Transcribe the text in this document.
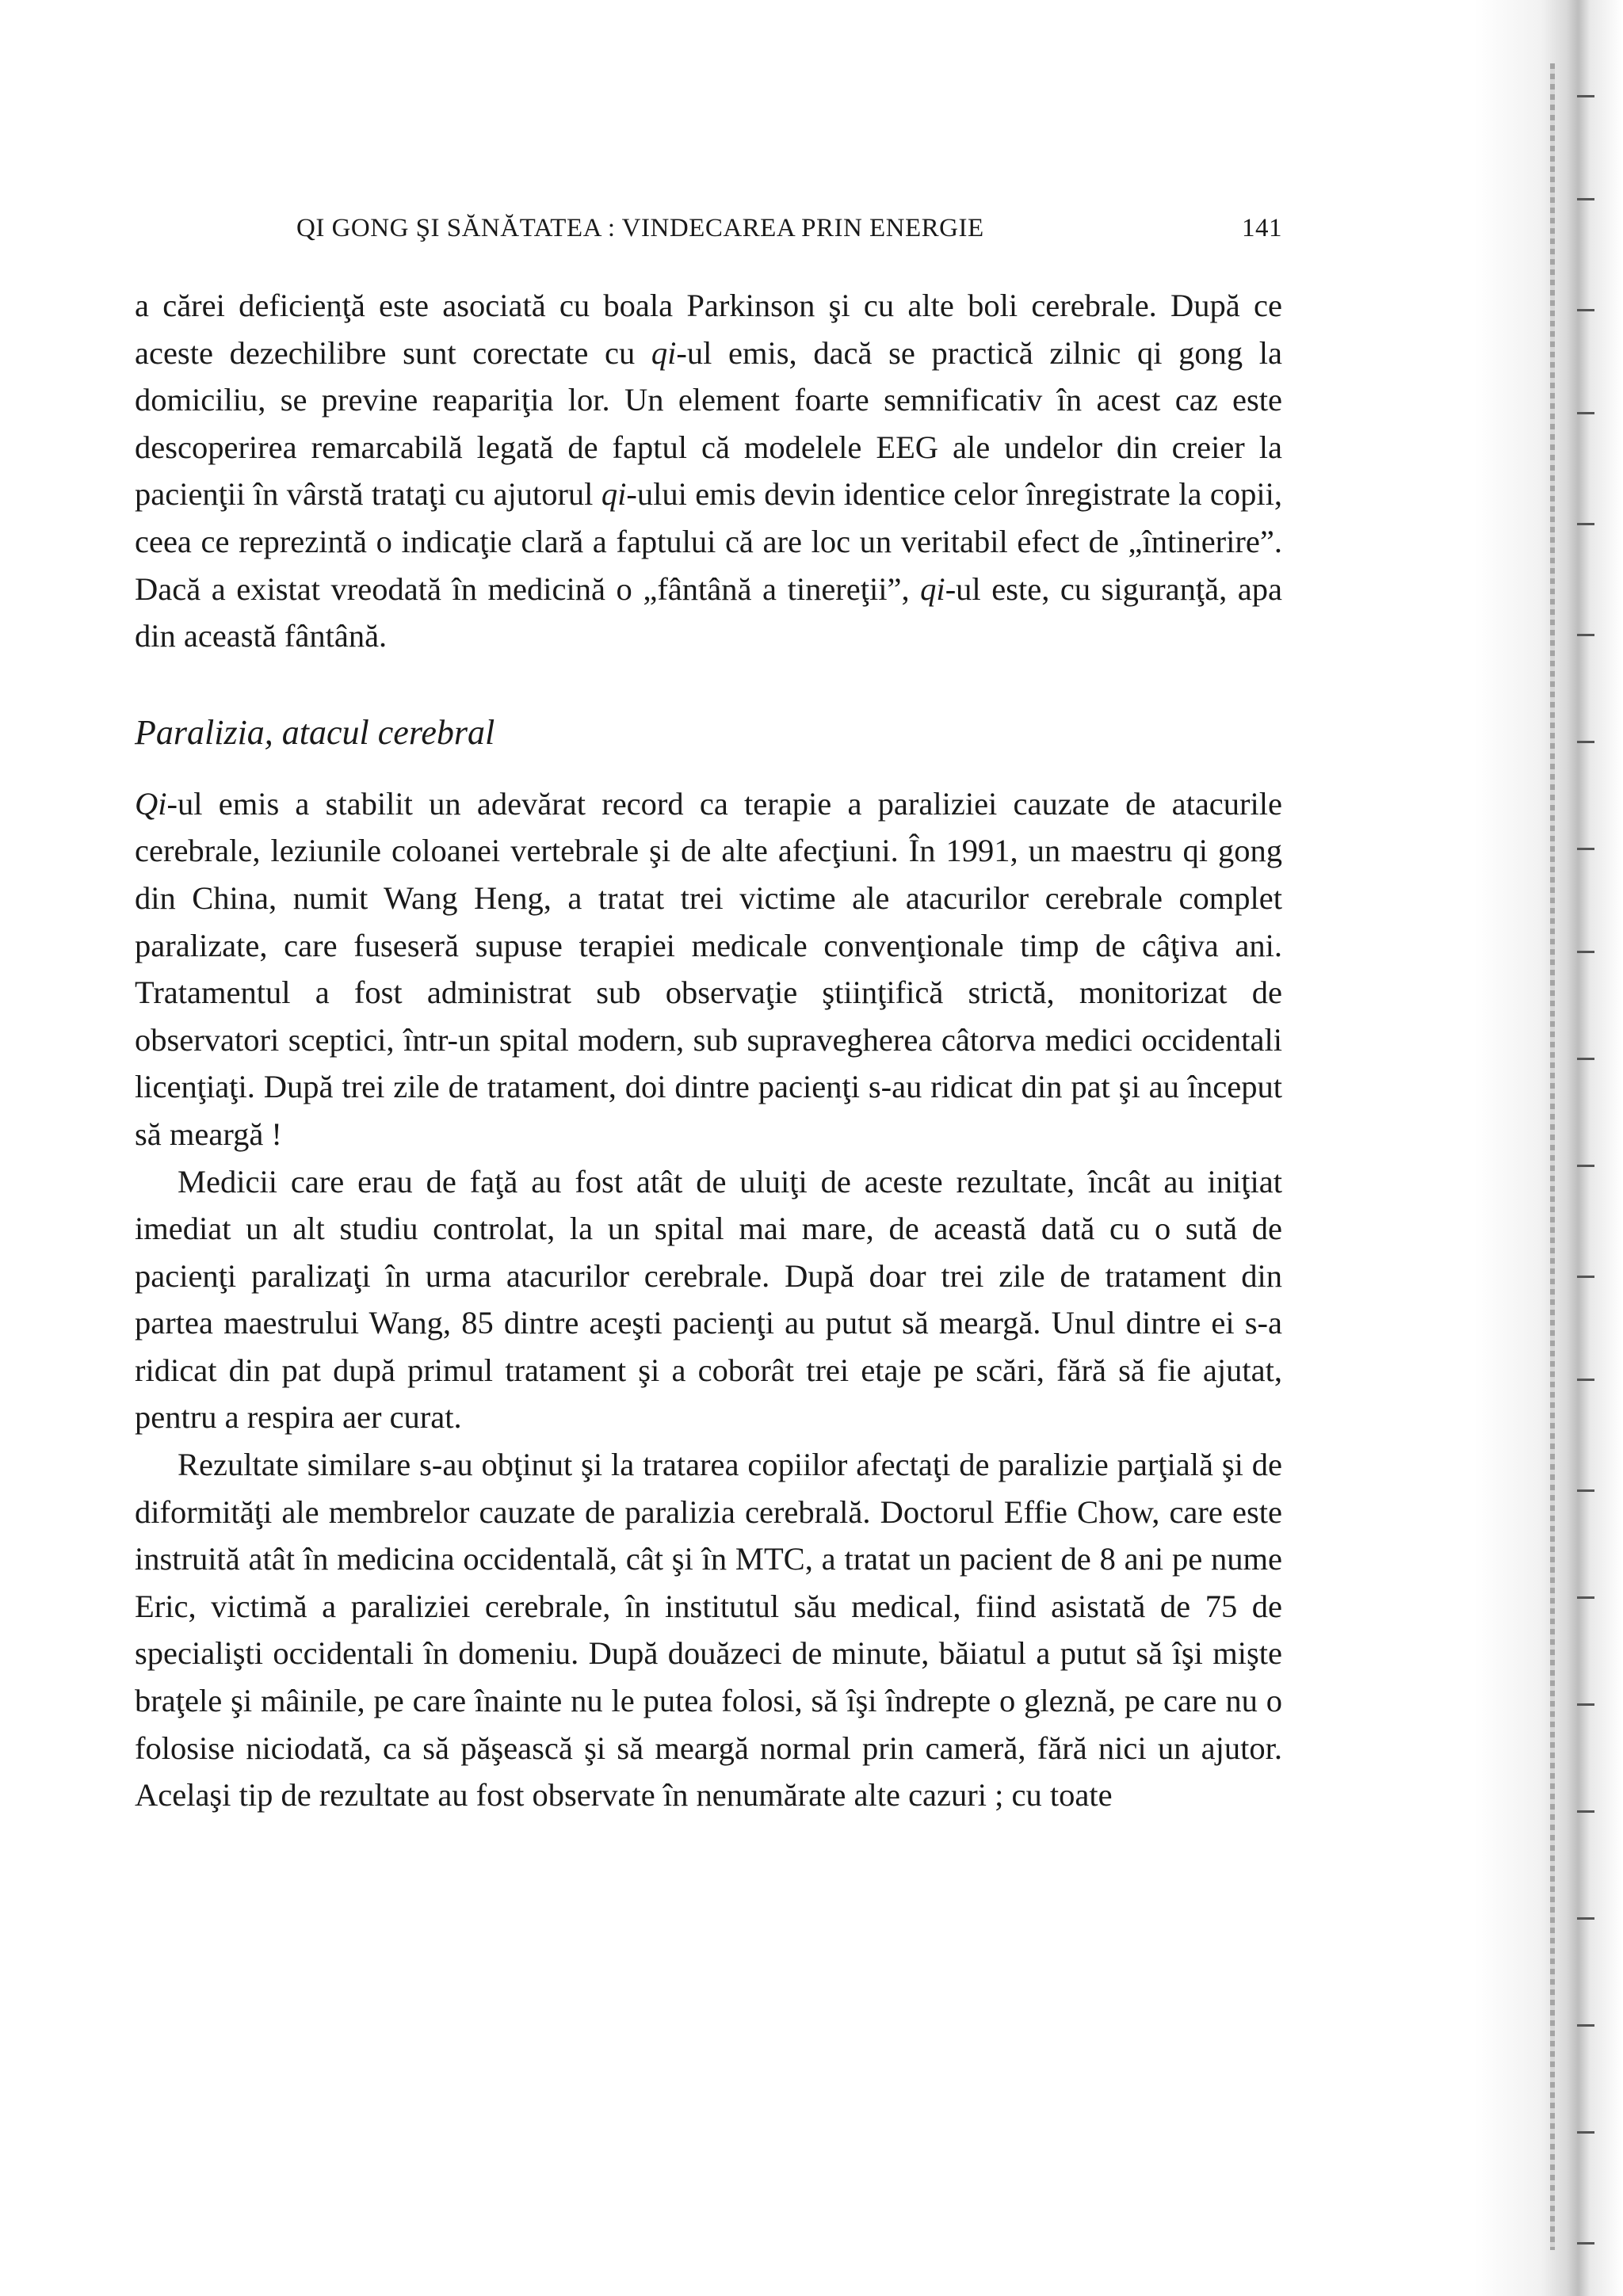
QI GONG ŞI SĂNĂTATEA : VINDECAREA PRIN ENERGIE	141

a cărei deficienţă este asociată cu boala Parkinson şi cu alte boli cerebrale. După ce aceste dezechilibre sunt corectate cu qi-ul emis, dacă se practică zilnic qi gong la domiciliu, se previne reapariţia lor. Un element foarte semnificativ în acest caz este descoperirea remarcabilă legată de faptul că modelele EEG ale undelor din creier la pacienţii în vârstă trataţi cu ajutorul qi-ului emis devin identice celor înregistrate la copii, ceea ce reprezintă o indicaţie clară a faptului că are loc un veritabil efect de „întinerire”. Dacă a existat vreodată în medicină o „fântână a tinereţii”, qi-ul este, cu siguranţă, apa din această fântână.

Paralizia, atacul cerebral

Qi-ul emis a stabilit un adevărat record ca terapie a paraliziei cauzate de atacurile cerebrale, leziunile coloanei vertebrale şi de alte afecţiuni. În 1991, un maestru qi gong din China, numit Wang Heng, a tratat trei victime ale atacurilor cerebrale complet paralizate, care fuseseră supuse terapiei medicale convenţionale timp de câţiva ani. Tratamentul a fost administrat sub observaţie ştiinţifică strictă, monitorizat de observatori sceptici, într-un spital modern, sub supravegherea câtorva medici occidentali licenţiaţi. După trei zile de tratament, doi dintre pacienţi s-au ridicat din pat şi au început să meargă !

Medicii care erau de faţă au fost atât de uluiţi de aceste rezultate, încât au iniţiat imediat un alt studiu controlat, la un spital mai mare, de această dată cu o sută de pacienţi paralizaţi în urma atacurilor cerebrale. După doar trei zile de tratament din partea maestrului Wang, 85 dintre aceşti pacienţi au putut să meargă. Unul dintre ei s-a ridicat din pat după primul tratament şi a coborât trei etaje pe scări, fără să fie ajutat, pentru a respira aer curat.

Rezultate similare s-au obţinut şi la tratarea copiilor afectaţi de paralizie parţială şi de diformităţi ale membrelor cauzate de paralizia cerebrală. Doctorul Effie Chow, care este instruită atât în medicina occidentală, cât şi în MTC, a tratat un pacient de 8 ani pe nume Eric, victimă a paraliziei cerebrale, în institutul său medical, fiind asistată de 75 de specialişti occidentali în domeniu. După douăzeci de minute, băiatul a putut să îşi mişte braţele şi mâinile, pe care înainte nu le putea folosi, să îşi îndrepte o gleznă, pe care nu o folosise niciodată, ca să păşească şi să meargă normal prin cameră, fără nici un ajutor. Acelaşi tip de rezultate au fost observate în nenumărate alte cazuri ; cu toate
